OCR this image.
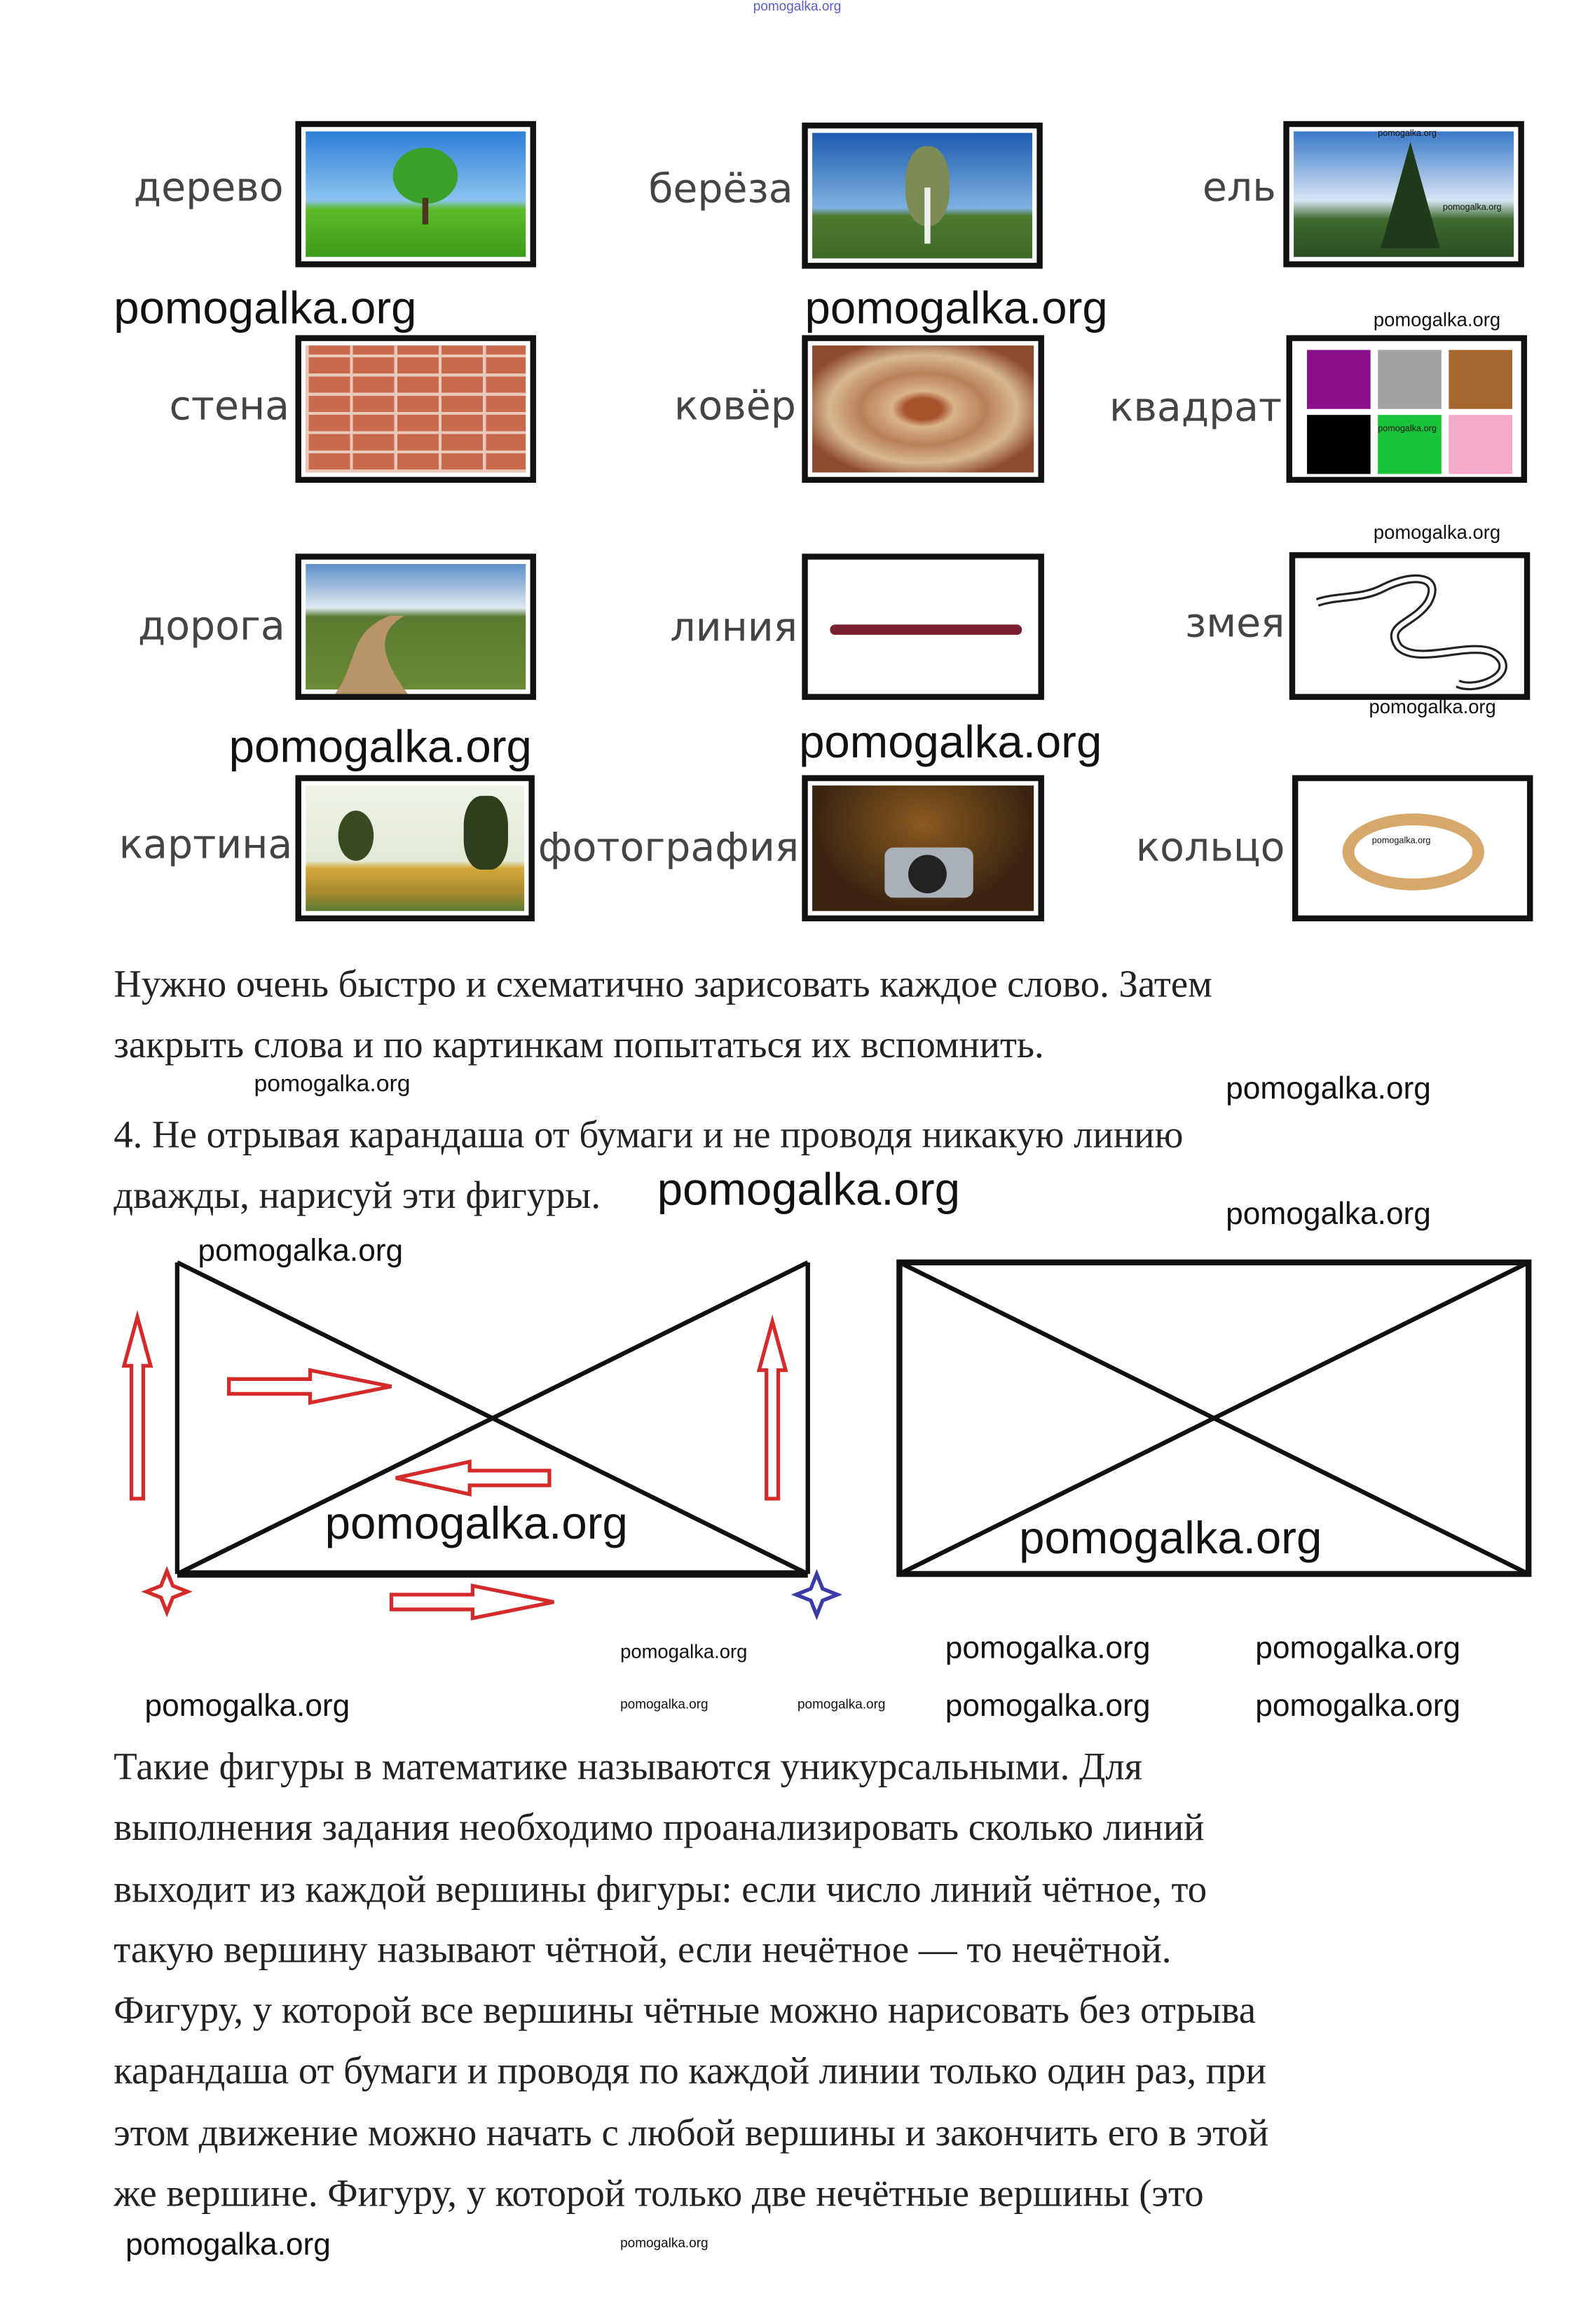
pomogalka.org
дерево	берёза	ель
стена	ковёр	квадрат
дорога	линия	змея
картина	фотография	кольцо
pomogalka.org
pomogalka.org
pomogalka.org	pomogalka.org	pomogalka.org
pomogalka.org
pomogalka.org
pomogalka.org
pomogalka.org	pomogalka.org
pomogalka.org
Нужно очень быстро и схематично зарисовать каждое слово. Затем
закрыть слова и по картинкам попытаться их вспомнить.
pomogalka.org	pomogalka.org
4. Не отрывая карандаша от бумаги и не проводя никакую линию
дважды, нарисуй эти фигуры.	pomogalka.org	pomogalka.org
pomogalka.org
pomogalka.org	pomogalka.org
pomogalka.org
pomogalka.org	pomogalka.org
pomogalka.org	pomogalka.org	pomogalka.org
pomogalka.org	pomogalka.org
pomogalka.org
pomogalka.org
Такие фигуры в математике называются уникурсальными. Для
выполнения задания необходимо проанализировать сколько линий
выходит из каждой вершины фигуры: если число линий чётное, то
такую вершину называют чётной, если нечётное — то нечётной.
Фигуру, у которой все вершины чётные можно нарисовать без отрыва
карандаша от бумаги и проводя по каждой линии только один раз, при
этом движение можно начать с любой вершины и закончить его в этой
же вершине. Фигуру, у которой только две нечётные вершины (это
